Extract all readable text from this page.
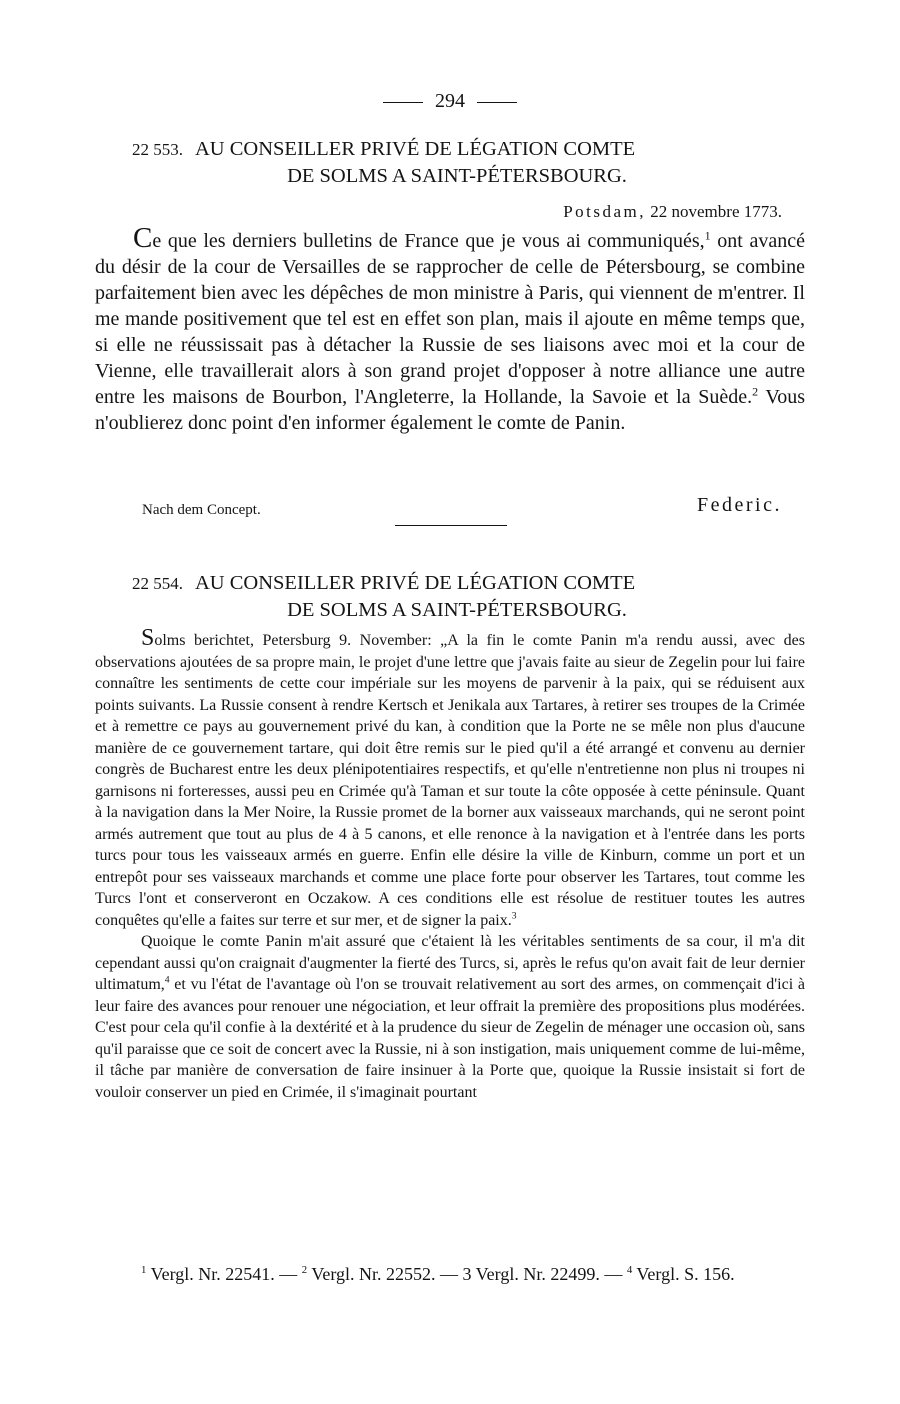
294
22 553. AU CONSEILLER PRIVÉ DE LÉGATION COMTE
DE SOLMS A SAINT-PÉTERSBOURG.
Potsdam, 22 novembre 1773.

Ce que les derniers bulletins de France que je vous ai communiqués,$^1$ ont avancé du désir de la cour de Versailles de se rapprocher de celle de Pétersbourg, se combine parfaitement bien avec les dépêches de mon ministre à Paris, qui viennent de m'entrer. Il me mande positivement que tel est en effet son plan, mais il ajoute en même temps que, si elle ne réussissait pas à détacher la Russie de ses liaisons avec moi et la cour de Vienne, elle travaillerait alors à son grand projet d'opposer à notre alliance une autre entre les maisons de Bourbon, l'Angleterre, la Hollande, la Savoie et la Suède.$^2$ Vous n'oublierez donc point d'en informer également le comte de Panin.

Nach dem Concept.	Federic.
22 554. AU CONSEILLER PRIVÉ DE LÉGATION COMTE
DE SOLMS A SAINT-PÉTERSBOURG.

Solms berichtet, Petersburg 9. November: „A la fin le comte Panin m'a rendu aussi, avec des observations ajoutées de sa propre main, le projet d'une lettre que j'avais faite au sieur de Zegelin pour lui faire connaître les sentiments de cette cour impériale sur les moyens de parvenir à la paix, qui se réduisent aux points suivants. La Russie consent à rendre Kertsch et Jenikala aux Tartares, à retirer ses troupes de la Crimée et à remettre ce pays au gouvernement privé du kan, à condition que la Porte ne se mêle non plus d'aucune manière de ce gouvernement tartare, qui doit être remis sur le pied qu'il a été arrangé et convenu au dernier congrès de Bucharest entre les deux plénipotentiaires respectifs, et qu'elle n'entretienne non plus ni troupes ni garnisons ni forteresses, aussi peu en Crimée qu'à Taman et sur toute la côte opposée à cette péninsule. Quant à la navigation dans la Mer Noire, la Russie promet de la borner aux vaisseaux marchands, qui ne seront point armés autrement que tout au plus de 4 à 5 canons, et elle renonce à la navigation et à l'entrée dans les ports turcs pour tous les vaisseaux armés en guerre. Enfin elle désire la ville de Kinburn, comme un port et un entrepôt pour ses vaisseaux marchands et comme une place forte pour observer les Tartares, tout comme les Turcs l'ont et conserveront en Oczakow. A ces conditions elle est résolue de restituer toutes les autres conquêtes qu'elle a faites sur terre et sur mer, et de signer la paix.$^3$

Quoique le comte Panin m'ait assuré que c'étaient là les véritables sentiments de sa cour, il m'a dit cependant aussi qu'on craignait d'augmenter la fierté des Turcs, si, après le refus qu'on avait fait de leur dernier ultimatum,$^4$ et vu l'état de l'avantage où l'on se trouvait relativement au sort des armes, on commençait d'ici à leur faire des avances pour renouer une négociation, et leur offrait la première des propositions plus modérées. C'est pour cela qu'il confie à la dextérité et à la prudence du sieur de Zegelin de ménager une occasion où, sans qu'il paraisse que ce soit de concert avec la Russie, ni à son instigation, mais uniquement comme de lui-même, il tâche par manière de conversation de faire insinuer à la Porte que, quoique la Russie insistait si fort de vouloir conserver un pied en Crimée, il s'imaginait pourtant

$^1$ Vergl. Nr. 22541. — $^2$ Vergl. Nr. 22552. — 3 Vergl. Nr. 22499. — $^4$ Vergl. S. 156.
